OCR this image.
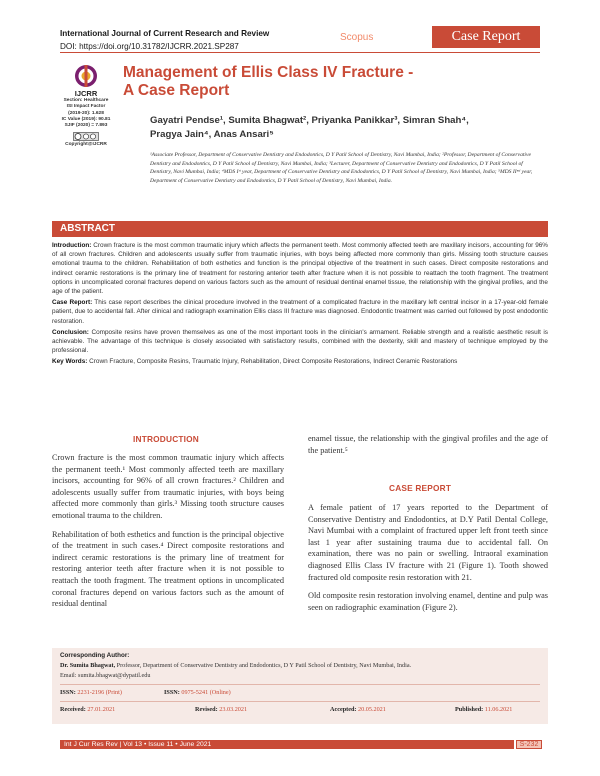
International Journal of Current Research and Review
DOI: https://doi.org/10.31782/IJCRR.2021.SP287
Scopus	Case Report
IJCRR
Section: Healthcare
ISI Impact Factor
(2019-20): 1.628
IC Value (2019): 90.81
SJIF (2020) = 7.893
Copyright@IJCRR
Management of Ellis Class IV Fracture -
A Case Report
Gayatri Pendse¹, Sumita Bhagwat², Priyanka Panikkar³, Simran Shah⁴,
Pragya Jain⁴, Anas Ansari⁵
¹Associate Professor, Department of Conservative Dentistry and Endodontics, D Y Patil School of Dentistry, Navi Mumbai, India; ²Professor, Department of Conservative Dentistry and Endodontics, D Y Patil School of Dentistry, Navi Mumbai, India; ³Lecturer, Department of Conservative Dentistry and Endodontics, D Y Patil School of Dentistry, Navi Mumbai, India; ⁴MDS Iˢᵗ year, Department of Conservative Dentistry and Endodontics, D Y Patil School of Dentistry, Navi Mumbai, India; ⁵MDS IIⁿᵈ year, Department of Conservative Dentistry and Endodontics, D Y Patil School of Dentistry, Navi Mumbai, India.
ABSTRACT

Introduction: Crown fracture is the most common traumatic injury which affects the permanent teeth. Most commonly affected teeth are maxillary incisors, accounting for 96% of all crown fractures. Children and adolescents usually suffer from traumatic injuries, with boys being affected more commonly than girls. Missing tooth structure causes emotional trauma to the children. Rehabilitation of both esthetics and function is the principal objective of the treatment in such cases. Direct composite restorations and indirect ceramic restorations is the primary line of treatment for restoring anterior teeth after fracture when it is not possible to reattach the tooth fragment. The treatment options in uncomplicated coronal fractures depend on various factors such as the amount of residual dentinal enamel tissue, the relationship with the gingival profiles, and the age of the patient.

Case Report: This case report describes the clinical procedure involved in the treatment of a complicated fracture in the maxillary left central incisor in a 17-year-old female patient, due to accidental fall. After clinical and radiograph examination Ellis class III fracture was diagnosed. Endodontic treatment was carried out followed by post endodontic restoration.

Conclusion: Composite resins have proven themselves as one of the most important tools in the clinician's armament. Reliable strength and a realistic aesthetic result is achievable. The advantage of this technique is closely associated with satisfactory results, combined with the dexterity, skill and mastery of technique employed by the professional.

Key Words: Crown Fracture, Composite Resins, Traumatic Injury, Rehabilitation, Direct Composite Restorations, Indirect Ceramic Restorations

INTRODUCTION

Crown fracture is the most common traumatic injury which affects the permanent teeth.¹ Most commonly affected teeth are maxillary incisors, accounting for 96% of all crown fractures.² Children and adolescents usually suffer from traumatic injuries, with boys being affected more commonly than girls.³ Missing tooth structure causes emotional trauma to the children.

Rehabilitation of both esthetics and function is the principal objective of the treatment in such cases.⁴ Direct composite restorations and indirect ceramic restorations is the primary line of treatment for restoring anterior teeth after fracture when it is not possible to reattach the tooth fragment. The treatment options in uncomplicated coronal fractures depend on various factors such as the amount of residual dentinal

enamel tissue, the relationship with the gingival profiles and the age of the patient.⁵

CASE REPORT

A female patient of 17 years reported to the Department of Conservative Dentistry and Endodontics, at D.Y Patil Dental College, Navi Mumbai with a complaint of fractured upper left front teeth since last 1 year after sustaining trauma due to accidental fall. On examination, there was no pain or swelling. Intraoral examination diagnosed Ellis Class IV fracture with 21 (Figure 1). Tooth showed fractured old composite resin restoration with 21.

Old composite resin restoration involving enamel, dentine and pulp was seen on radiographic examination (Figure 2).

Corresponding Author:
Dr. Sumita Bhagwat, Professor, Department of Conservative Dentistry and Endodontics, D Y Patil School of Dentistry, Navi Mumbai, India.
Email: sumita.bhagwat@dypatil.edu
ISSN: 2231-2196 (Print)	ISSN: 0975-5241 (Online)
Received: 27.01.2021	Revised: 23.03.2021	Accepted: 20.05.2021	Published: 11.06.2021
Int J Cur Res Rev | Vol 13 • Issue 11 • June 2021	S-232
